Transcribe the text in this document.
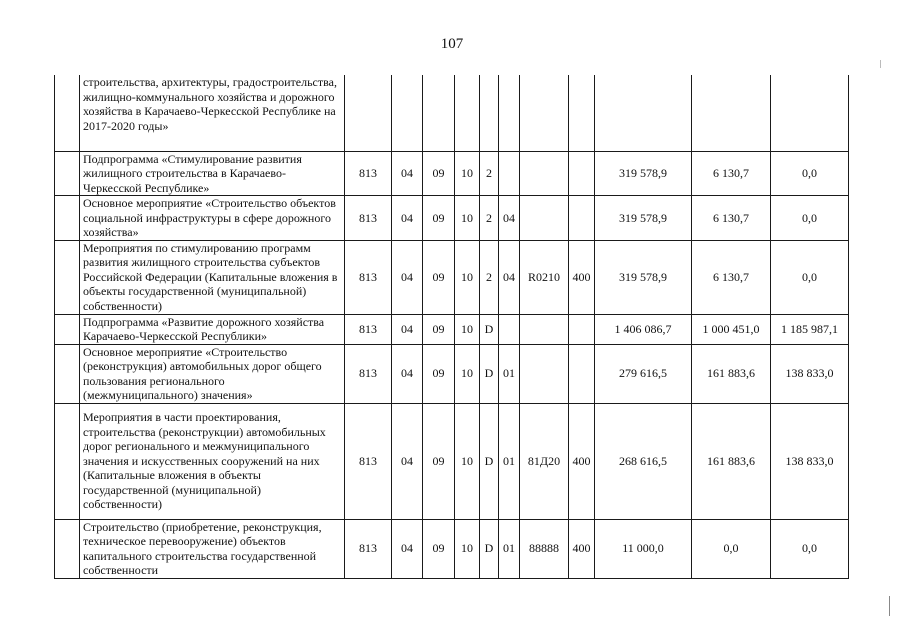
107
	строительства, архитектуры, градостроительства, жилищно-коммунального хозяйства и дорожного хозяйства в Карачаево-Черкесской Республике на 2017-2020 годы»											
	Подпрограмма «Стимулирование развития жилищного строительства в Карачаево-Черкесской Республике»	813	04	09	10	2				319 578,9	6 130,7	0,0
	Основное мероприятие «Строительство объектов социальной инфраструктуры в сфере дорожного хозяйства»	813	04	09	10	2	04			319 578,9	6 130,7	0,0
	Мероприятия по стимулированию программ развития жилищного строительства субъектов Российской Федерации (Капитальные вложения в объекты государственной (муниципальной) собственности)	813	04	09	10	2	04	R0210	400	319 578,9	6 130,7	0,0
	Подпрограмма «Развитие дорожного хозяйства Карачаево-Черкесской Республики»	813	04	09	10	D				1 406 086,7	1 000 451,0	1 185 987,1
	Основное мероприятие «Строительство (реконструкция) автомобильных дорог общего пользования регионального (межмуниципального) значения»	813	04	09	10	D	01			279 616,5	161 883,6	138 833,0
	Мероприятия в части проектирования, строительства (реконструкции) автомобильных дорог регионального и межмуниципального значения и искусственных сооружений на них (Капитальные вложения в объекты государственной (муниципальной) собственности)	813	04	09	10	D	01	81Д20	400	268 616,5	161 883,6	138 833,0
	Строительство (приобретение, реконструкция, техническое перевооружение) объектов капитального строительства государственной собственности	813	04	09	10	D	01	88888	400	11 000,0	0,0	0,0
